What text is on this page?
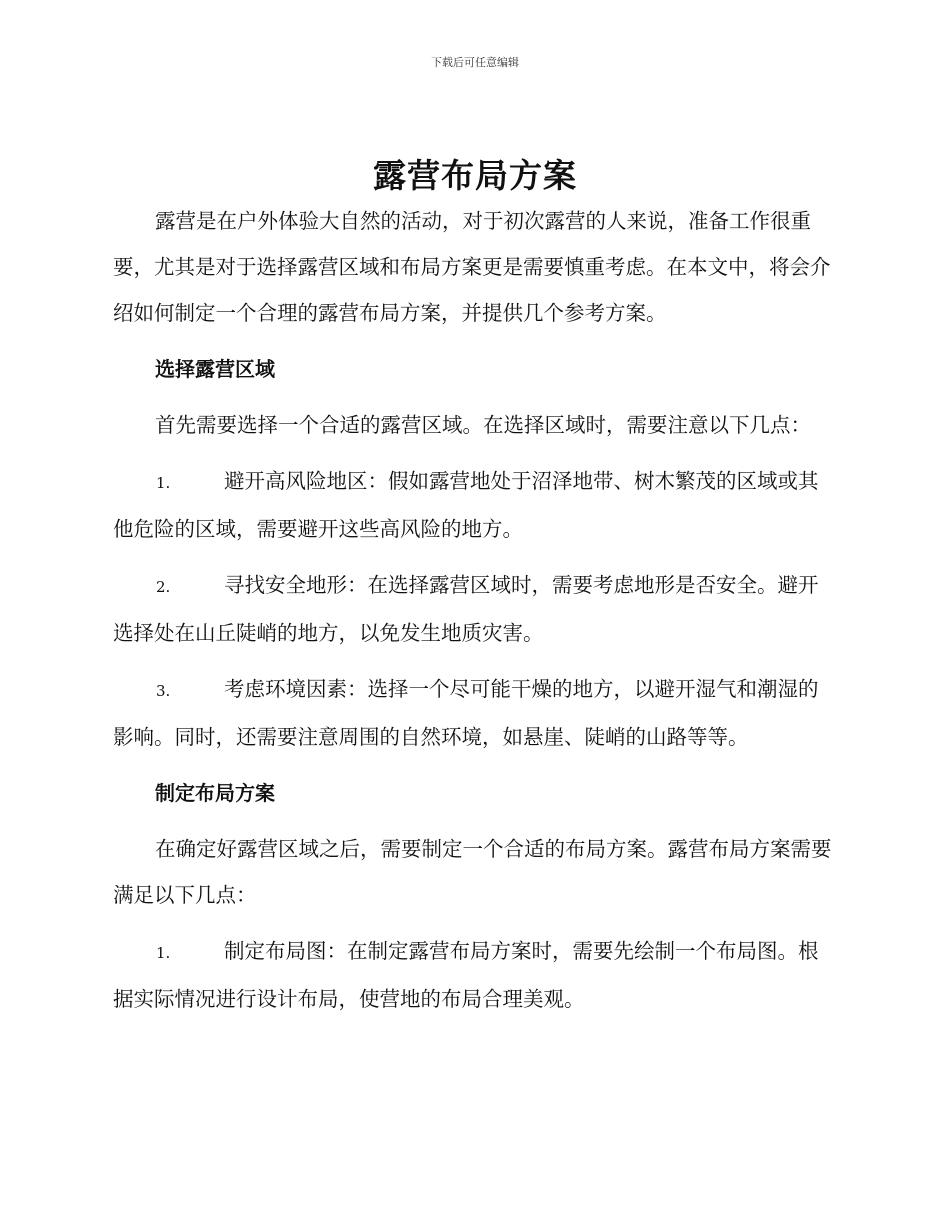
下载后可任意编辑
露营布局方案

露营是在户外体验大自然的活动，对于初次露营的人来说，准备工作很重要，尤其是对于选择露营区域和布局方案更是需要慎重考虑。在本文中，将会介绍如何制定一个合理的露营布局方案，并提供几个参考方案。

选择露营区域

首先需要选择一个合适的露营区域。在选择区域时，需要注意以下几点：

1.	避开高风险地区：假如露营地处于沼泽地带、树木繁茂的区域或其他危险的区域，需要避开这些高风险的地方。

2.	寻找安全地形：在选择露营区域时，需要考虑地形是否安全。避开选择处在山丘陡峭的地方，以免发生地质灾害。

3.	考虑环境因素：选择一个尽可能干燥的地方，以避开湿气和潮湿的影响。同时，还需要注意周围的自然环境，如悬崖、陡峭的山路等等。

制定布局方案

在确定好露营区域之后，需要制定一个合适的布局方案。露营布局方案需要满足以下几点：

1.	制定布局图：在制定露营布局方案时，需要先绘制一个布局图。根据实际情况进行设计布局，使营地的布局合理美观。
